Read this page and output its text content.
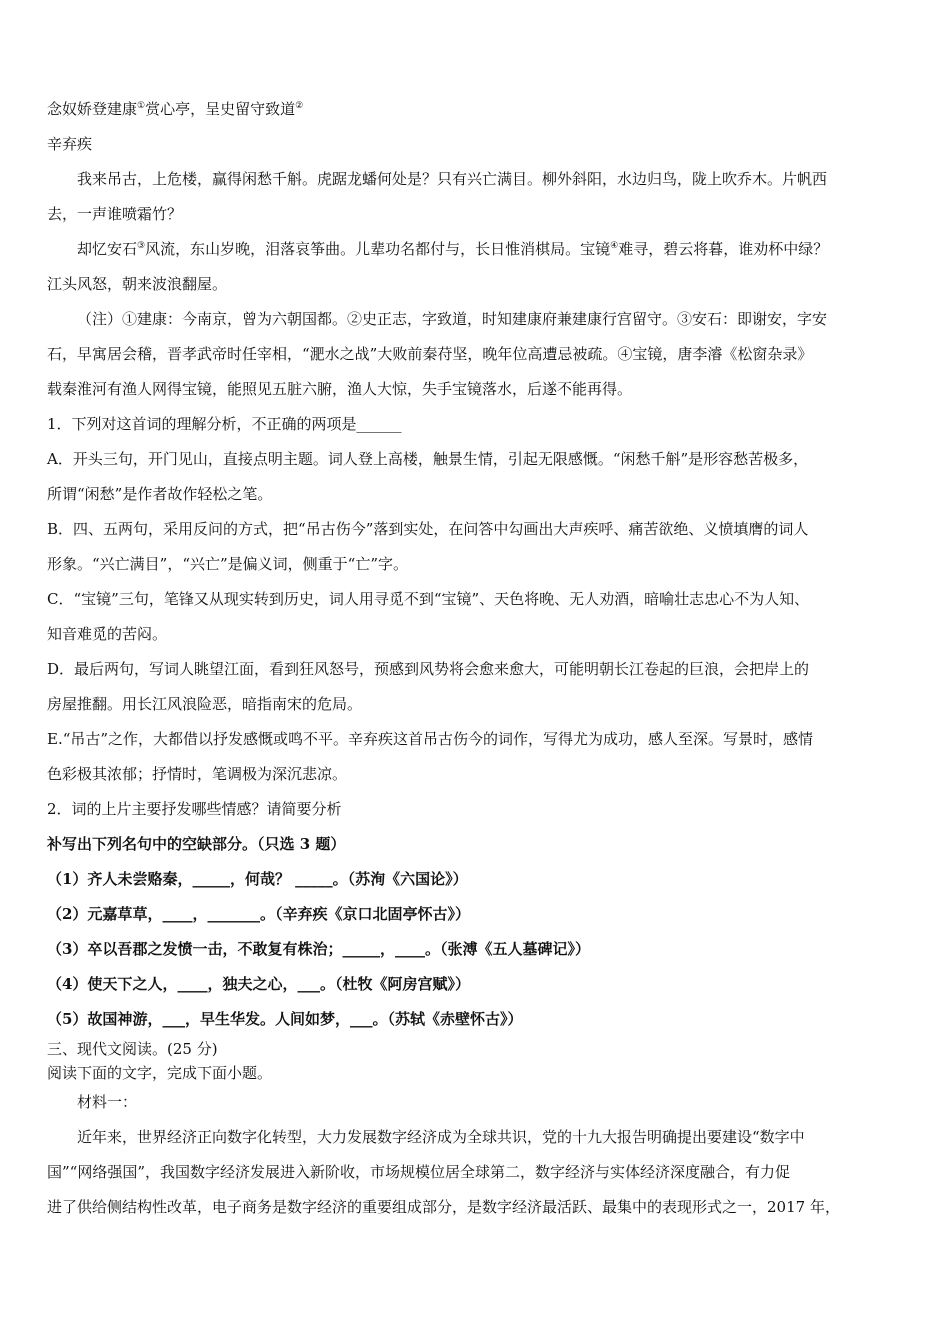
念奴娇登建康①赏心亭，呈史留守致道②

辛弃疾

我来吊古，上危楼，赢得闲愁千斛。虎踞龙蟠何处是？只有兴亡满目。柳外斜阳，水边归鸟，陇上吹乔木。片帆西

去，一声谁喷霜竹？

却忆安石③风流，东山岁晚，泪落哀筝曲。儿辈功名都付与，长日惟消棋局。宝镜④难寻，碧云将暮，谁劝杯中绿？

江头风怒，朝来波浪翻屋。

（注）①建康：今南京，曾为六朝国都。②史正志，字致道，时知建康府兼建康行宫留守。③安石：即谢安，字安

石，早寓居会稽，晋孝武帝时任宰相，“淝水之战”大败前秦苻坚，晚年位高遭忌被疏。④宝镜，唐李濬《松窗杂录》

载秦淮河有渔人网得宝镜，能照见五脏六腑，渔人大惊，失手宝镜落水，后遂不能再得。

1．下列对这首词的理解分析，不正确的两项是______

A．开头三句，开门见山，直接点明主题。词人登上高楼，触景生情，引起无限感慨。“闲愁千斛”是形容愁苦极多，

所谓“闲愁”是作者故作轻松之笔。

B．四、五两句，采用反问的方式，把“吊古伤今”落到实处，在问答中勾画出大声疾呼、痛苦欲绝、义愤填膺的词人

形象。“兴亡满目”，“兴亡”是偏义词，侧重于“亡”字。

C．“宝镜”三句，笔锋又从现实转到历史，词人用寻觅不到“宝镜”、天色将晚、无人劝酒，暗喻壮志忠心不为人知、

知音难觅的苦闷。

D．最后两句，写词人眺望江面，看到狂风怒号，预感到风势将会愈来愈大，可能明朝长江卷起的巨浪，会把岸上的

房屋推翻。用长江风浪险恶，暗指南宋的危局。

E.“吊古”之作，大都借以抒发感慨或鸣不平。辛弃疾这首吊古伤今的词作，写得尤为成功，感人至深。写景时，感情

色彩极其浓郁；抒情时，笔调极为深沉悲凉。

2．词的上片主要抒发哪些情感？请简要分析

补写出下列名句中的空缺部分。（只选 3 题）

（1）齐人未尝赂秦，_____，何哉？ _____。（苏洵《六国论》）

（2）元嘉草草，____，_______。（辛弃疾《京口北固亭怀古》）

（3）卒以吾郡之发愤一击，不敢复有株治；_____，____。（张溥《五人墓碑记》）

（4）使天下之人，____，独夫之心，___。（杜牧《阿房宫赋》）

（5）故国神游，___，早生华发。人间如梦，___。（苏轼《赤壁怀古》）

三、现代文阅读。(25 分)

阅读下面的文字，完成下面小题。

材料一：

近年来，世界经济正向数字化转型，大力发展数字经济成为全球共识，党的十九大报告明确提出要建设“数字中

国”“网络强国”，我国数字经济发展进入新阶收，市场规模位居全球第二，数字经济与实体经济深度融合，有力促

进了供给侧结构性改革，电子商务是数字经济的重要组成部分，是数字经济最活跃、最集中的表现形式之一，2017 年，
